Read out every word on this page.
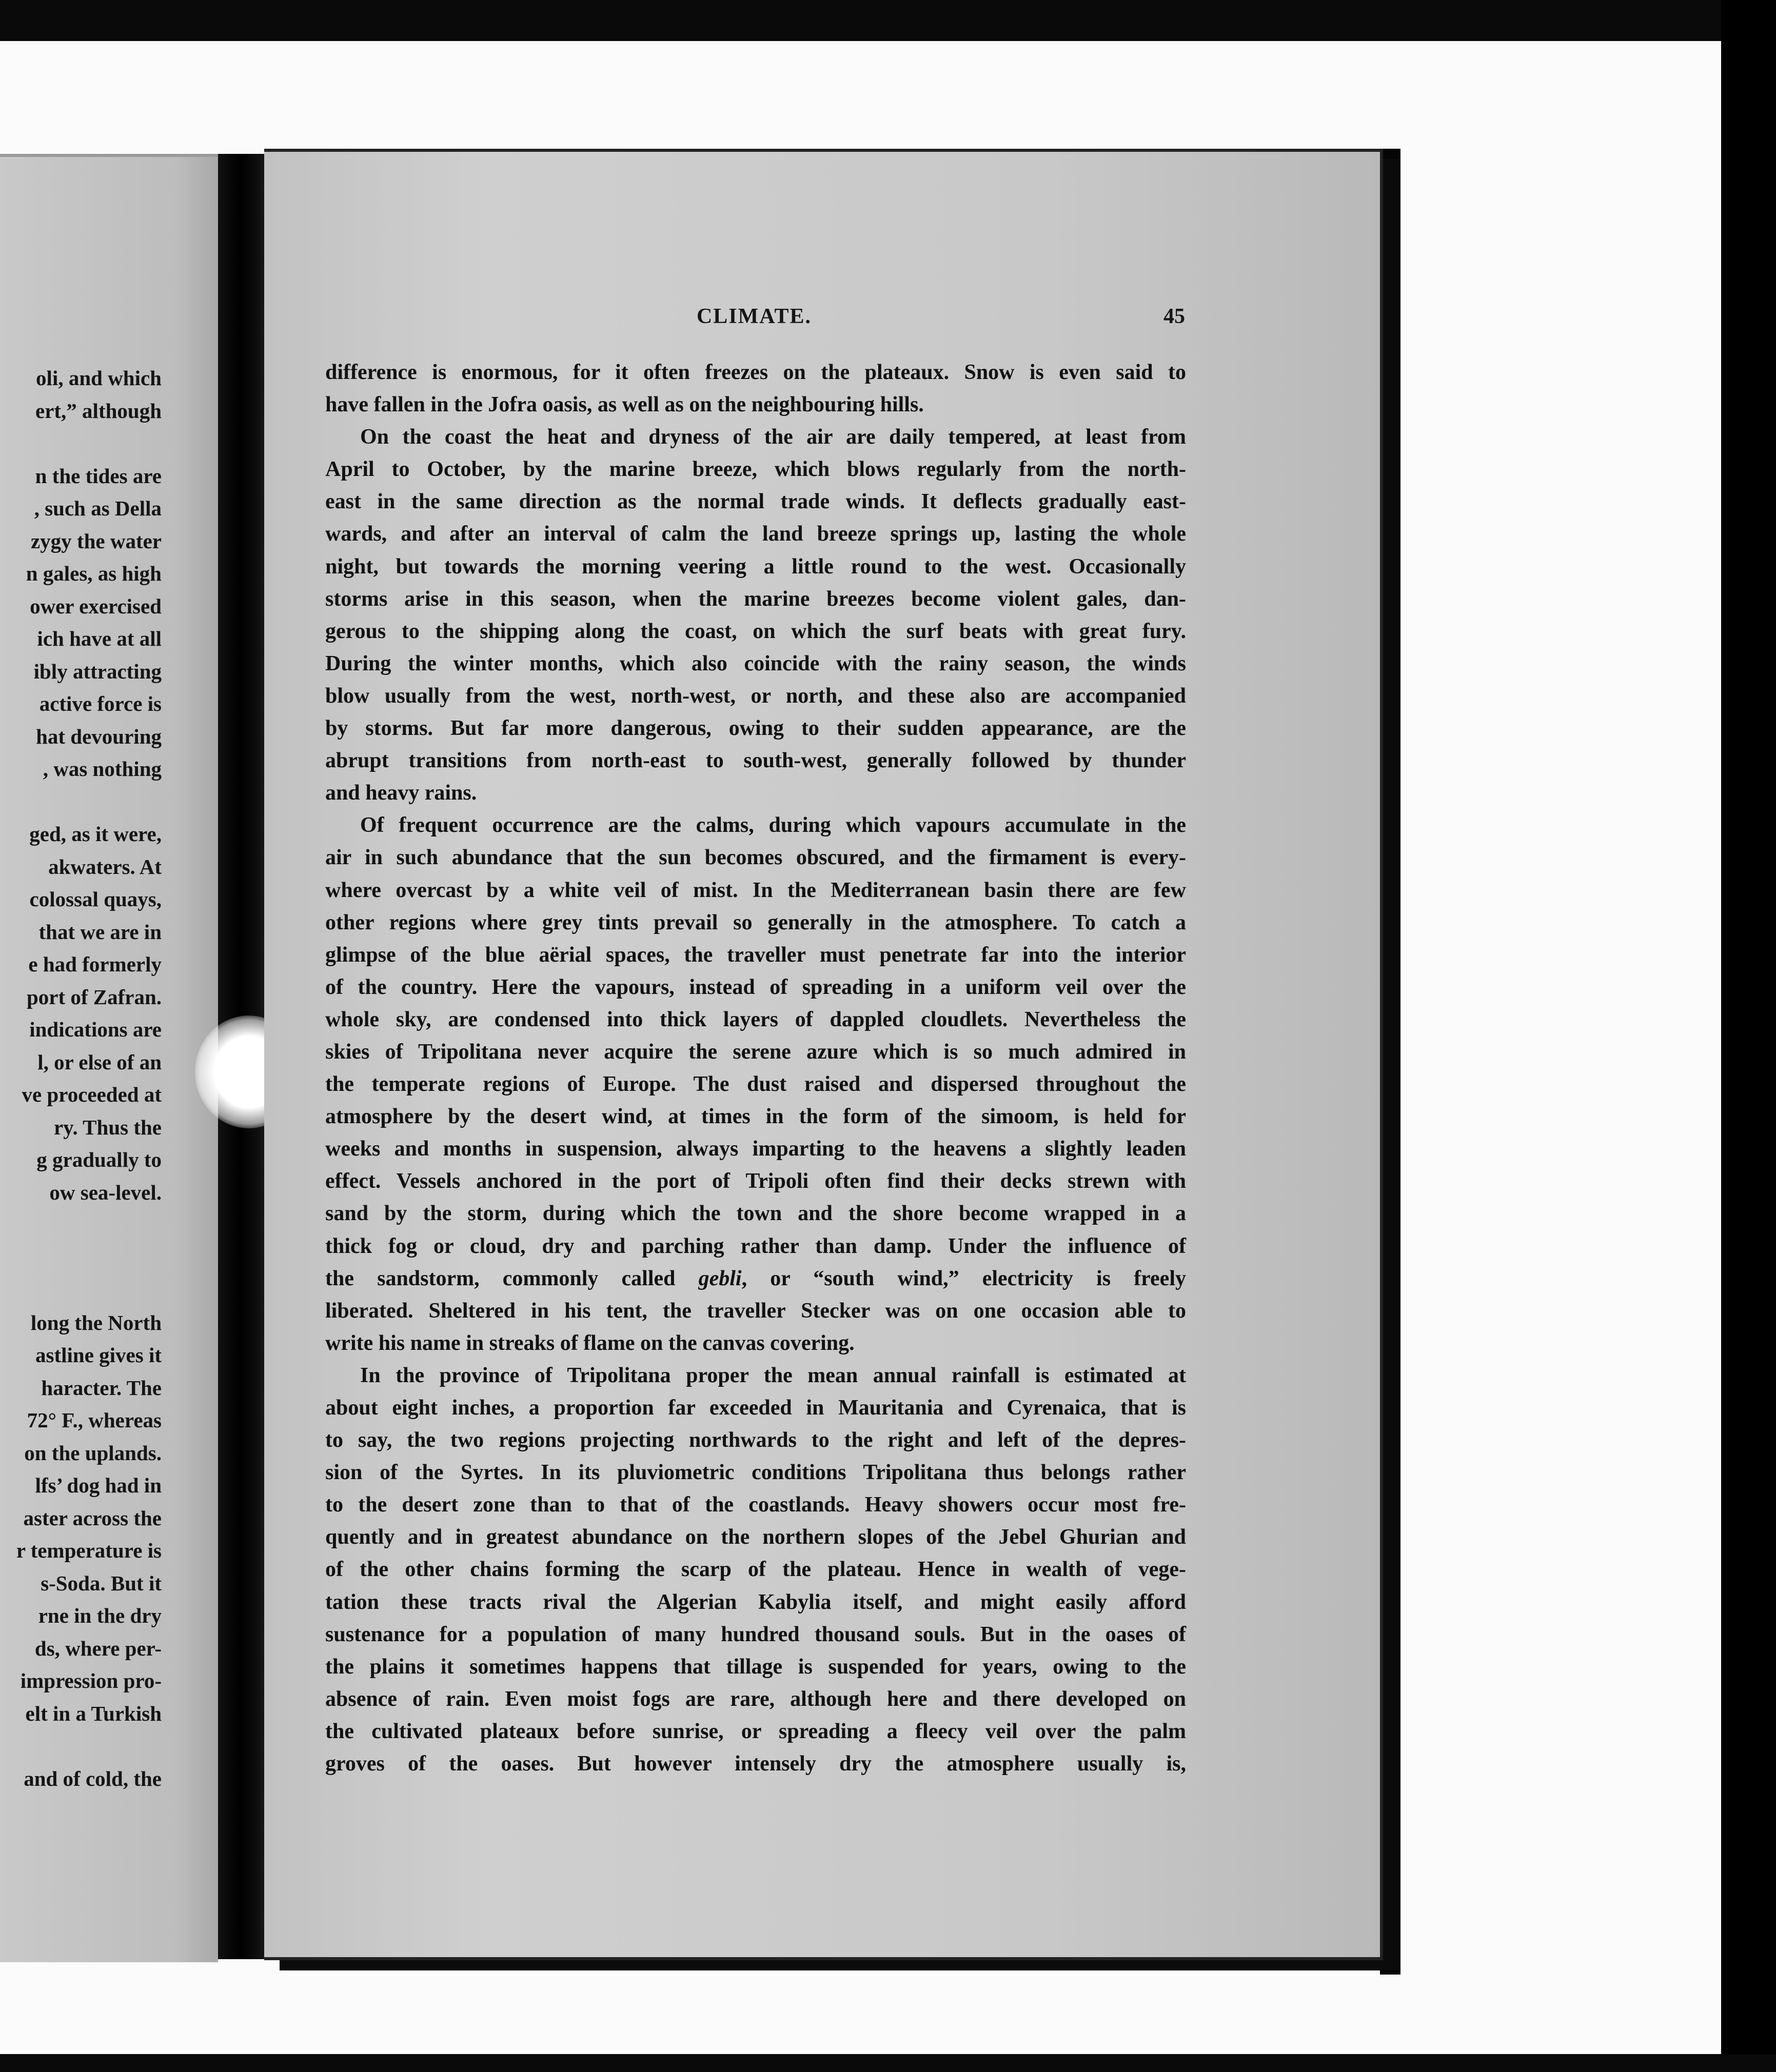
oli, and which
ert,” although
n the tides are
, such as Della
zygy the water
n gales, as high
ower exercised
ich have at all
ibly attracting
active force is
hat devouring
, was nothing
ged, as it were,
akwaters. At
colossal quays,
that we are in
e had formerly
port of Zafran.
indications are
l, or else of an
ve proceeded at
ry. Thus the
g gradually to
ow sea-level.
long the North
astline gives it
haracter. The
72° F., whereas
on the uplands.
lfs’ dog had in
aster across the
r temperature is
s-Soda. But it
rne in the dry
ds, where per-
impression pro-
elt in a Turkish
and of cold, the
CLIMATE.	45
difference is enormous, for it often freezes on the plateaux. Snow is even said to
have fallen in the Jofra oasis, as well as on the neighbouring hills.
On the coast the heat and dryness of the air are daily tempered, at least from
April to October, by the marine breeze, which blows regularly from the north-
east in the same direction as the normal trade winds. It deflects gradually east-
wards, and after an interval of calm the land breeze springs up, lasting the whole
night, but towards the morning veering a little round to the west. Occasionally
storms arise in this season, when the marine breezes become violent gales, dan-
gerous to the shipping along the coast, on which the surf beats with great fury.
During the winter months, which also coincide with the rainy season, the winds
blow usually from the west, north-west, or north, and these also are accompanied
by storms. But far more dangerous, owing to their sudden appearance, are the
abrupt transitions from north-east to south-west, generally followed by thunder
and heavy rains.
Of frequent occurrence are the calms, during which vapours accumulate in the
air in such abundance that the sun becomes obscured, and the firmament is every-
where overcast by a white veil of mist. In the Mediterranean basin there are few
other regions where grey tints prevail so generally in the atmosphere. To catch a
glimpse of the blue aërial spaces, the traveller must penetrate far into the interior
of the country. Here the vapours, instead of spreading in a uniform veil over the
whole sky, are condensed into thick layers of dappled cloudlets. Nevertheless the
skies of Tripolitana never acquire the serene azure which is so much admired in
the temperate regions of Europe. The dust raised and dispersed throughout the
atmosphere by the desert wind, at times in the form of the simoom, is held for
weeks and months in suspension, always imparting to the heavens a slightly leaden
effect. Vessels anchored in the port of Tripoli often find their decks strewn with
sand by the storm, during which the town and the shore become wrapped in a
thick fog or cloud, dry and parching rather than damp. Under the influence of
the sandstorm, commonly called gebli, or “south wind,” electricity is freely
liberated. Sheltered in his tent, the traveller Stecker was on one occasion able to
write his name in streaks of flame on the canvas covering.
In the province of Tripolitana proper the mean annual rainfall is estimated at
about eight inches, a proportion far exceeded in Mauritania and Cyrenaica, that is
to say, the two regions projecting northwards to the right and left of the depres-
sion of the Syrtes. In its pluviometric conditions Tripolitana thus belongs rather
to the desert zone than to that of the coastlands. Heavy showers occur most fre-
quently and in greatest abundance on the northern slopes of the Jebel Ghurian and
of the other chains forming the scarp of the plateau. Hence in wealth of vege-
tation these tracts rival the Algerian Kabylia itself, and might easily afford
sustenance for a population of many hundred thousand souls. But in the oases of
the plains it sometimes happens that tillage is suspended for years, owing to the
absence of rain. Even moist fogs are rare, although here and there developed on
the cultivated plateaux before sunrise, or spreading a fleecy veil over the palm
groves of the oases. But however intensely dry the atmosphere usually is,
